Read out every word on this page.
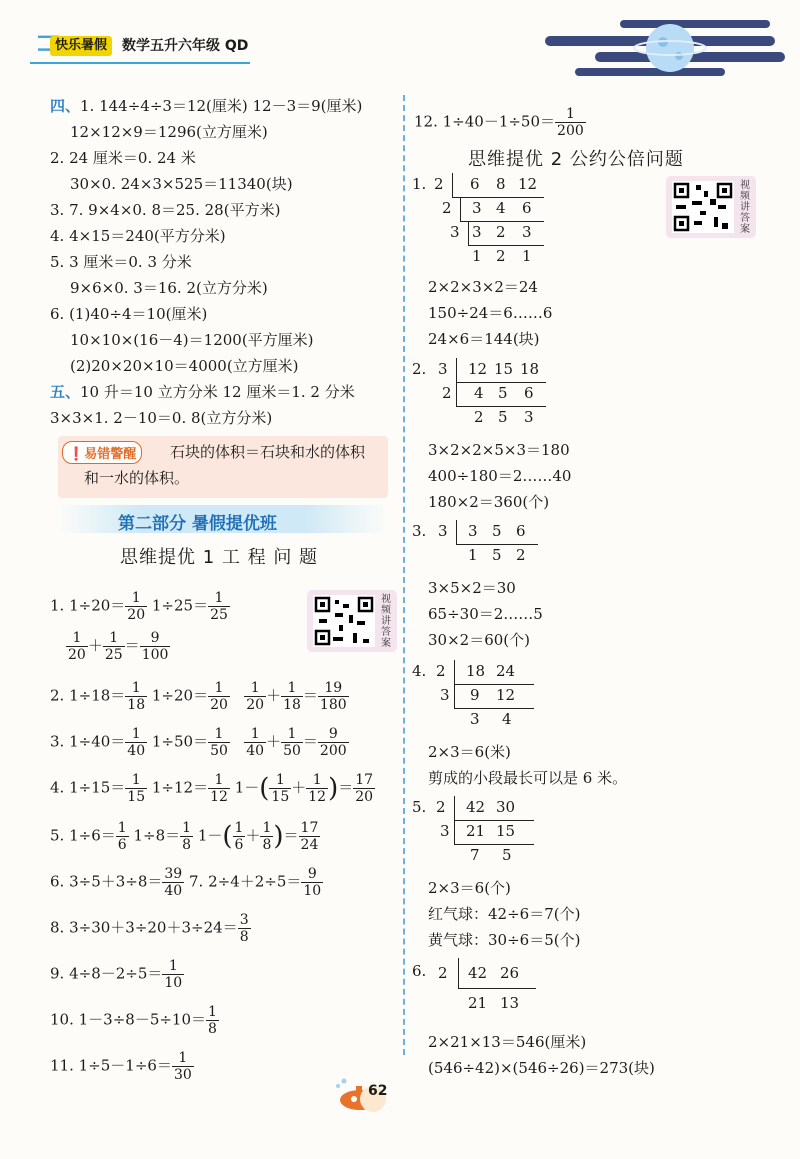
快乐暑假	数学五升六年级 QD
四、1. 144÷4÷3＝12(厘米) 12－3＝9(厘米)
12×12×9＝1296(立方厘米)
2. 24 厘米＝0. 24 米
30×0. 24×3×525＝11340(块)
3. 7. 9×4×0. 8＝25. 28(平方米)
4. 4×15＝240(平方分米)
5. 3 厘米＝0. 3 分米
9×6×0. 3＝16. 2(立方分米)
6. (1)40÷4＝10(厘米)
10×10×(16－4)＝1200(平方厘米)
(2)20×20×10＝4000(立方厘米)
五、10 升＝10 立方分米 12 厘米＝1. 2 分米
3×3×1. 2－10＝0. 8(立方分米)
❗易错警醒	石块的体积＝石块和水的体积
和一水的体积。
第二部分 暑假提优班
思维提优 1 工 程 问 题
视频讲答案
1. $1\div 20= \frac{1}{20} 1\div 25= \frac{1}{25}$
$\frac{1}{20} + \frac{1}{25} = \frac{9}{100}$
2. $1\div 18= \frac{1}{18} 1\div 20= \frac{1}{20}$
$\frac{1}{20} + \frac{1}{18} = \frac{19}{180}$
3. $1\div 40= \frac{1}{40} 1\div 50= \frac{1}{50}$
$\frac{1}{40} + \frac{1}{50} = \frac{9}{200}$
4. $1\div 15= \frac{1}{15} 1\div 12= \frac{1}{12} 1-( \frac{1}{15} + \frac{1}{12}$ )＝ $\frac{17}{20}$
5. $1\div 6= \frac{1}{6} 1\div 8= \frac{1}{8} 1-( \frac{1}{6} + \frac{1}{8}$ )＝ $\frac{17}{24}$
6. $3\div 5+3\div 8= \frac{39}{40} 7$. $2\div 4+2\div 5= \frac{9}{10}$
8. $3\div 30+3\div 20+3\div 24= \frac{3}{8}$
9. $4\div 8-2\div 5= \frac{1}{10}$
10. $1-3\div 8-5\div 10= \frac{1}{8}$
11. $1\div 5-1\div 6= \frac{1}{30}$
12. $1\div 40-1\div 50= \frac{1}{200}$
思维提优 2 公约公倍问题
视频讲答案
1. 2
2
3
6 8 12
3 4 6
3 2 3
1 2 1
2×2×3×2＝24
150÷24＝6……6
24×6＝144(块)
2. 3
2
12 15 18
4 5 6
2 5 3
3×2×2×5×3＝180
400÷180＝2……40
180×2＝360(个)
3. 3 3 5 6
1 5 2
3×5×2＝30
65÷30＝2……5
30×2＝60(个)
4. 2
3
18 24
9 12
3 4
2×3＝6(米)
剪成的小段最长可以是 6 米。
5. 2
3
42 30
21 15
7 5
2×3＝6(个)
红气球：42÷6＝7(个)
黄气球：30÷6＝5(个)
6. 2 42 26
21 13
2×21×13＝546(厘米)
(546÷42)×(546÷26)＝273(块)
62
